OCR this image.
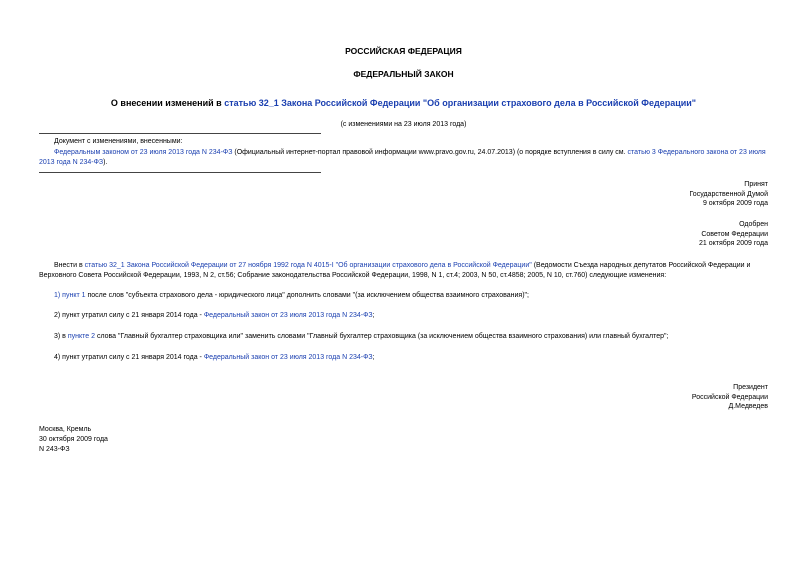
РОССИЙСКАЯ ФЕДЕРАЦИЯ
ФЕДЕРАЛЬНЫЙ ЗАКОН
О внесении изменений в статью 32_1 Закона Российской Федерации "Об организации страхового дела в Российской Федерации"
(с изменениями на 23 июля 2013 года)
Документ с изменениями, внесенными:
Федеральным законом от 23 июля 2013 года N 234-ФЗ (Официальный интернет-портал правовой информации www.pravo.gov.ru, 24.07.2013) (о порядке вступления в силу см. статью 3 Федерального закона от 23 июля 2013 года N 234-ФЗ).
Принят
Государственной Думой
9 октября 2009 года
Одобрен
Советом Федерации
21 октября 2009 года
Внести в статью 32_1 Закона Российской Федерации от 27 ноября 1992 года N 4015-I "Об организации страхового дела в Российской Федерации" (Ведомости Съезда народных депутатов Российской Федерации и Верховного Совета Российской Федерации, 1993, N 2, ст.56; Собрание законодательства Российской Федерации, 1998, N 1, ст.4; 2003, N 50, ст.4858; 2005, N 10, ст.760) следующие изменения:
1) пункт 1 после слов "субъекта страхового дела - юридического лица" дополнить словами "(за исключением общества взаимного страхования)";
2) пункт утратил силу с 21 января 2014 года - Федеральный закон от 23 июля 2013 года N 234-ФЗ;
3) в пункте 2 слова "Главный бухгалтер страховщика или" заменить словами "Главный бухгалтер страховщика (за исключением общества взаимного страхования) или главный бухгалтер";
4) пункт утратил силу с 21 января 2014 года - Федеральный закон от 23 июля 2013 года N 234-ФЗ;
Президент
Российской Федерации
Д.Медведев
Москва, Кремль
30 октября 2009 года
N 243-ФЗ
